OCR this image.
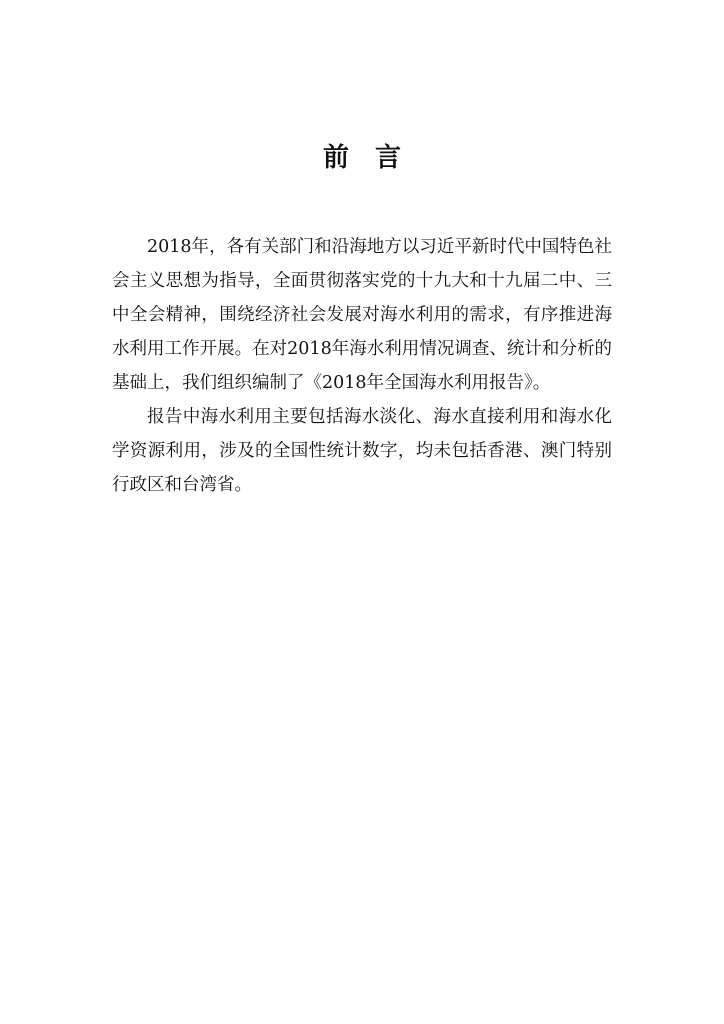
前　言

2018年，各有关部门和沿海地方以习近平新时代中国特色社会主义思想为指导，全面贯彻落实党的十九大和十九届二中、三中全会精神，围绕经济社会发展对海水利用的需求，有序推进海水利用工作开展。在对2018年海水利用情况调查、统计和分析的基础上，我们组织编制了《2018年全国海水利用报告》。

报告中海水利用主要包括海水淡化、海水直接利用和海水化学资源利用，涉及的全国性统计数字，均未包括香港、澳门特别行政区和台湾省。
